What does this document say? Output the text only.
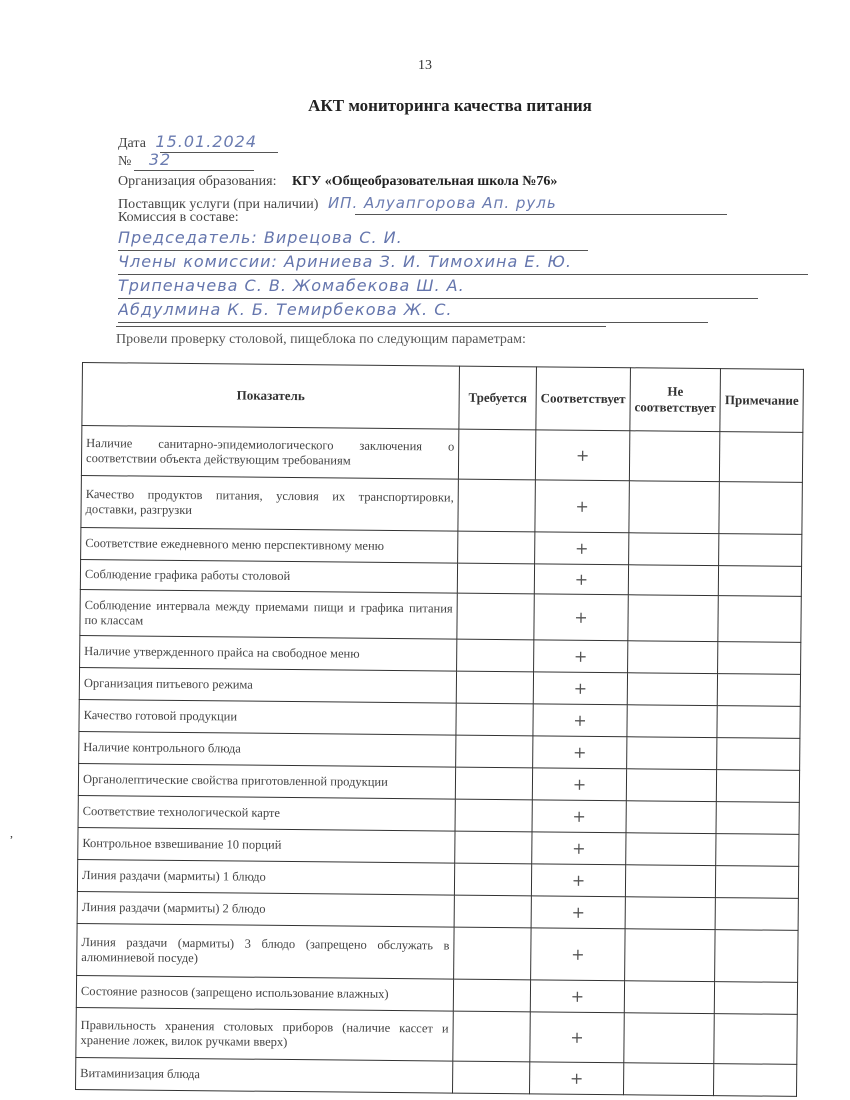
13
АКТ мониторинга качества питания
Дата 15.01.2024
№ 32
Организация образования: КГУ «Общеобразовательная школа №76»
Поставщик услуги (при наличии) ИП. Алуапгорова Ап. руль
Комиссия в составе:
Председатель: Вирецова С. И.
Члены комиссии: Ариниева З. И. Тимохина Е. Ю.
Трипеначева С. В. Жомабекова Ш. А.
Абдулмина К. Б. Темирбекова Ж. С.
Провели проверку столовой, пищеблока по следующим параметрам:
Показатель	Требуется	Соответствует	Не соответствует	Примечание
Наличие санитарно-эпидемиологического заключения о соответствии объекта действующим требованиям		+		
Качество продуктов питания, условия их транспортировки, доставки, разгрузки		+		
Соответствие ежедневного меню перспективному меню		+		
Соблюдение графика работы столовой		+		
Соблюдение интервала между приемами пищи и графика питания по классам		+		
Наличие утвержденного прайса на свободное меню		+		
Организация питьевого режима		+		
Качество готовой продукции		+		
Наличие контрольного блюда		+		
Органолептические свойства приготовленной продукции		+		
Соответствие технологической карте		+		
Контрольное взвешивание 10 порций		+		
Линия раздачи (мармиты) 1 блюдо		+		
Линия раздачи (мармиты) 2 блюдо		+		
Линия раздачи (мармиты) 3 блюдо (запрещено обслужать в алюминиевой посуде)		+		
Состояние разносов (запрещено использование влажных)		+		
Правильность хранения столовых приборов (наличие кассет и хранение ложек, вилок ручками вверх)		+		
Витаминизация блюда		+		
,
